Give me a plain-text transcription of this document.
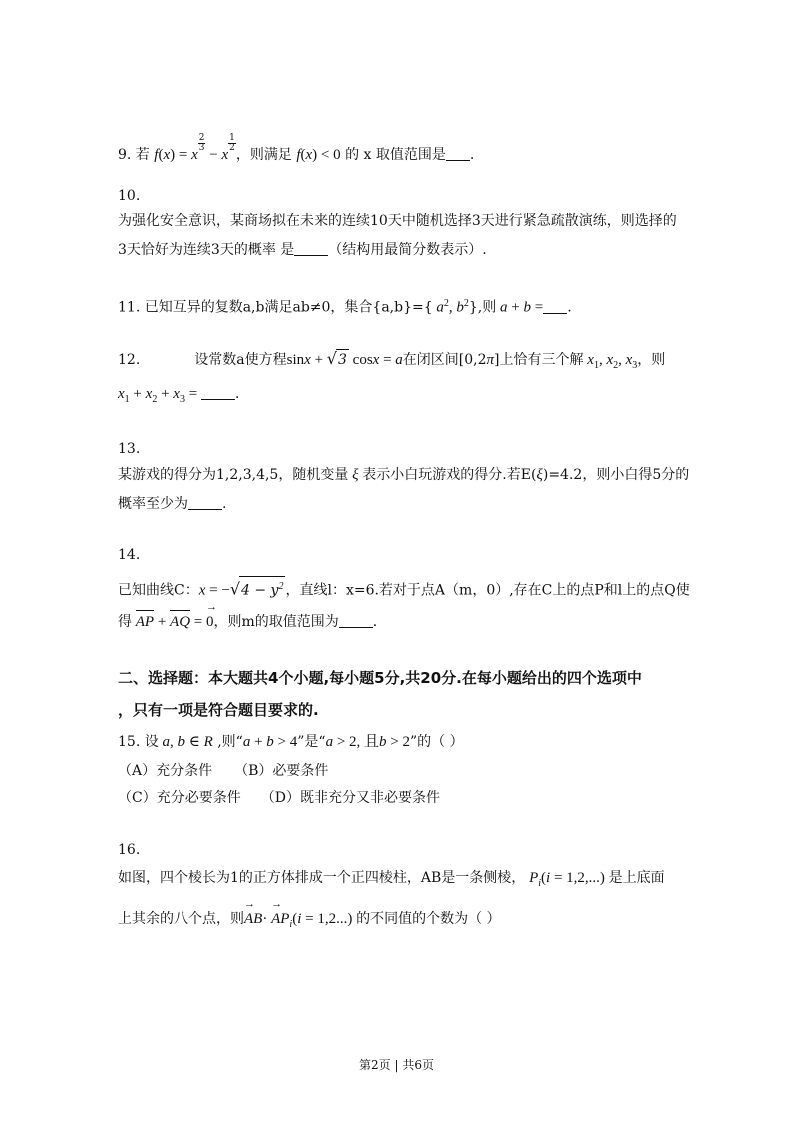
9. 若 f(x) = x
$\frac{2}{3}$
− x
$\frac{1}{2}$
，则满足 f(x) < 0 的 x 取值范围是 .
10.
为强化安全意识，某商场拟在未来的连续10天中随机选择3天进行紧急疏散演练，则选择的
3天恰好为连续3天的概率 是 （结构用最简分数表示）.
11. 已知互异的复数a,b满足ab≠0，集合{a,b}={ $a^2$, $b^2$},则 a + b = .
12.	设常数a使方程sinx + √3 cosx = a在闭区间[0,2π]上恰有三个解 $x_1$, $x_2$, $x_3$，则
$x_1 + x_2 + x_3$ = .
13.
某游戏的得分为1,2,3,4,5，随机变量 ξ 表示小白玩游戏的得分.若E(ξ)=4.2，则小白得5分的
概率至少为 .
14.
已知曲线C：$x = -√4 - y^2$ ，直线l：x=6.若对于点A（m，0）,存在C上的点P和l上的点Q使
得 AP + AQ = 0 →，则m的取值范围为 .
二、选择题：本大题共4个小题,每小题5分,共20分.在每小题给出的四个选项中
，只有一项是符合题目要求的.
15. 设 a, b ∈ R ,则“a + b > 4”是“a > 2, 且b > 2”的（ ）
（A）充分条件 （B）必要条件
（C）充分必要条件 （D）既非充分又非必要条件
16.
如图，四个棱长为1的正方体排成一个正四棱柱，AB是一条侧棱， $P_i(i = 1,2,...)$ 是上底面
上其余的八个点，则AB →· AP $\to_i(i = 1,2...)$ 的不同值的个数为（ ）
第2页 | 共6页
